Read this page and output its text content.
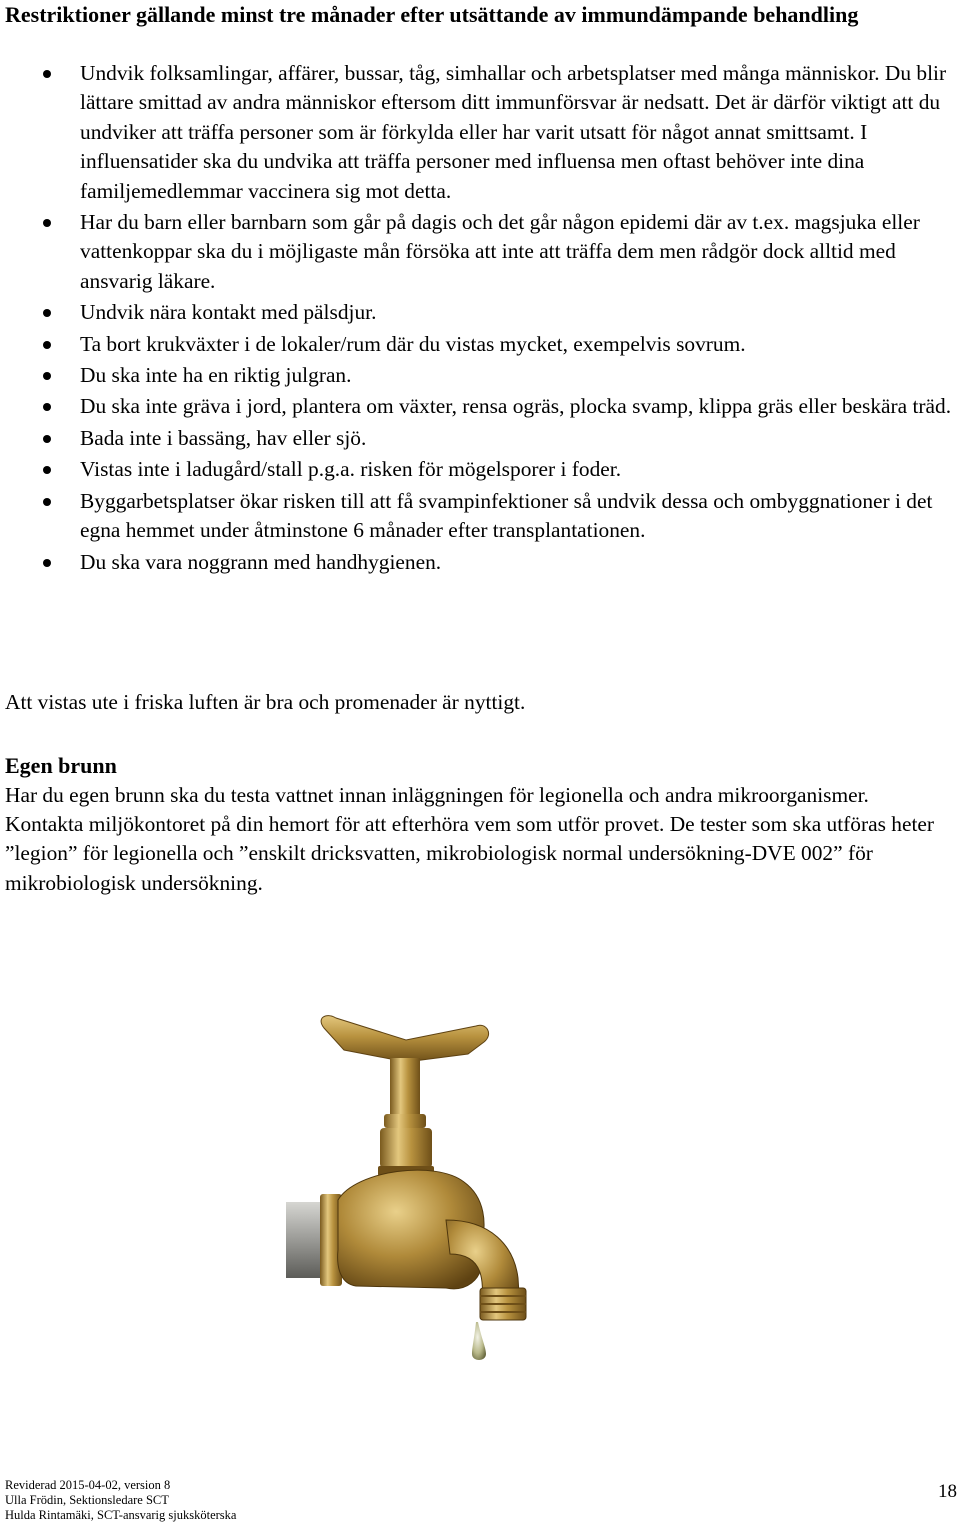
Restriktioner gällande minst tre månader efter utsättande av immundämpande behandling
Undvik folksamlingar, affärer, bussar, tåg, simhallar och arbetsplatser med många människor. Du blir lättare smittad av andra människor eftersom ditt immunförsvar är nedsatt. Det är därför viktigt att du undviker att träffa personer som är förkylda eller har varit utsatt för något annat smittsamt. I influensatider ska du undvika att träffa personer med influensa men oftast behöver inte dina familjemedlemmar vaccinera sig mot detta.
Har du barn eller barnbarn som går på dagis och det går någon epidemi där av t.ex. magsjuka eller vattenkoppar ska du i möjligaste mån försöka att inte att träffa dem men rådgör dock alltid med ansvarig läkare.
Undvik nära kontakt med pälsdjur.
Ta bort krukväxter i de lokaler/rum där du vistas mycket, exempelvis sovrum.
Du ska inte ha en riktig julgran.
Du ska inte gräva i jord, plantera om växter, rensa ogräs, plocka svamp, klippa gräs eller beskära träd.
Bada inte i bassäng, hav eller sjö.
Vistas inte i ladugård/stall p.g.a. risken för mögelsporer i foder.
Byggarbetsplatser ökar risken till att få svampinfektioner så undvik dessa och ombyggnationer i det egna hemmet under åtminstone 6 månader efter transplantationen.
Du ska vara noggrann med handhygienen.
Att vistas ute i friska luften är bra och promenader är nyttigt.
Egen brunn
Har du egen brunn ska du testa vattnet innan inläggningen för legionella och andra mikroorganismer. Kontakta miljökontoret på din hemort för att efterhöra vem som utför provet. De tester som ska utföras heter ”legion” för legionella och ”enskilt dricksvatten, mikrobiologisk normal undersökning-DVE 002” för mikrobiologisk undersökning.
Reviderad 2015-04-02, version 8
Ulla Frödin, Sektionsledare SCT
Hulda Rintamäki, SCT-ansvarig sjuksköterska
18
